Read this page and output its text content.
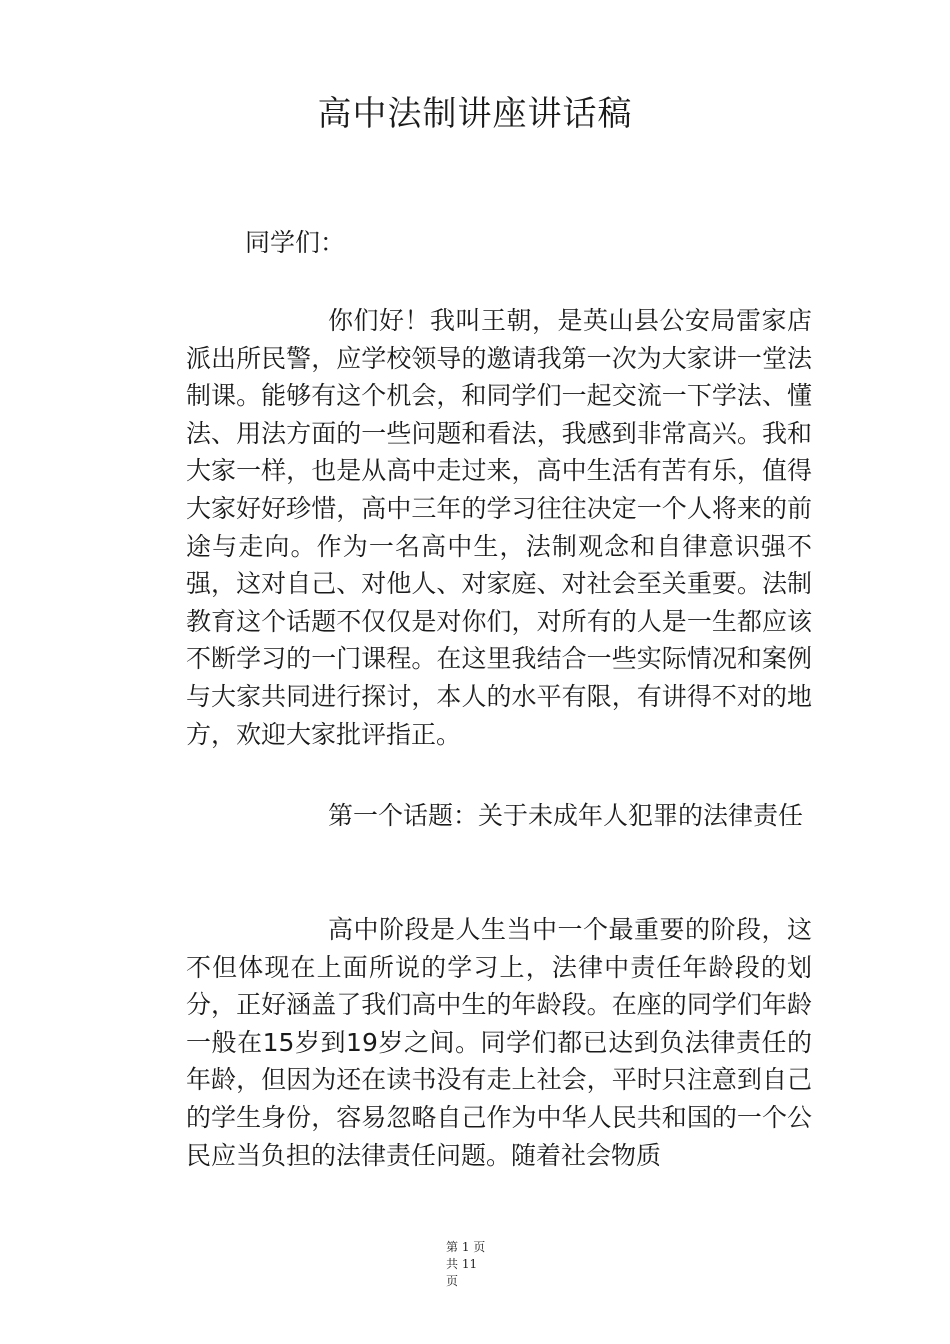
高中法制讲座讲话稿
同学们：

你们好！我叫王朝，是英山县公安局雷家店派出所民警，应学校领导的邀请我第一次为大家讲一堂法制课。能够有这个机会，和同学们一起交流一下学法、懂法、用法方面的一些问题和看法，我感到非常高兴。我和大家一样，也是从高中走过来，高中生活有苦有乐，值得大家好好珍惜，高中三年的学习往往决定一个人将来的前途与走向。作为一名高中生，法制观念和自律意识强不强，这对自己、对他人、对家庭、对社会至关重要。法制教育这个话题不仅仅是对你们，对所有的人是一生都应该不断学习的一门课程。在这里我结合一些实际情况和案例与大家共同进行探讨，本人的水平有限，有讲得不对的地方，欢迎大家批评指正。

第一个话题：关于未成年人犯罪的法律责任

高中阶段是人生当中一个最重要的阶段，这不但体现在上面所说的学习上，法律中责任年龄段的划分，正好涵盖了我们高中生的年龄段。在座的同学们年龄一般在15岁到19岁之间。同学们都已达到负法律责任的年龄，但因为还在读书没有走上社会，平时只注意到自己的学生身份，容易忽略自己作为中华人民共和国的一个公民应当负担的法律责任问题。随着社会物质

第 1 页
共 11
页
